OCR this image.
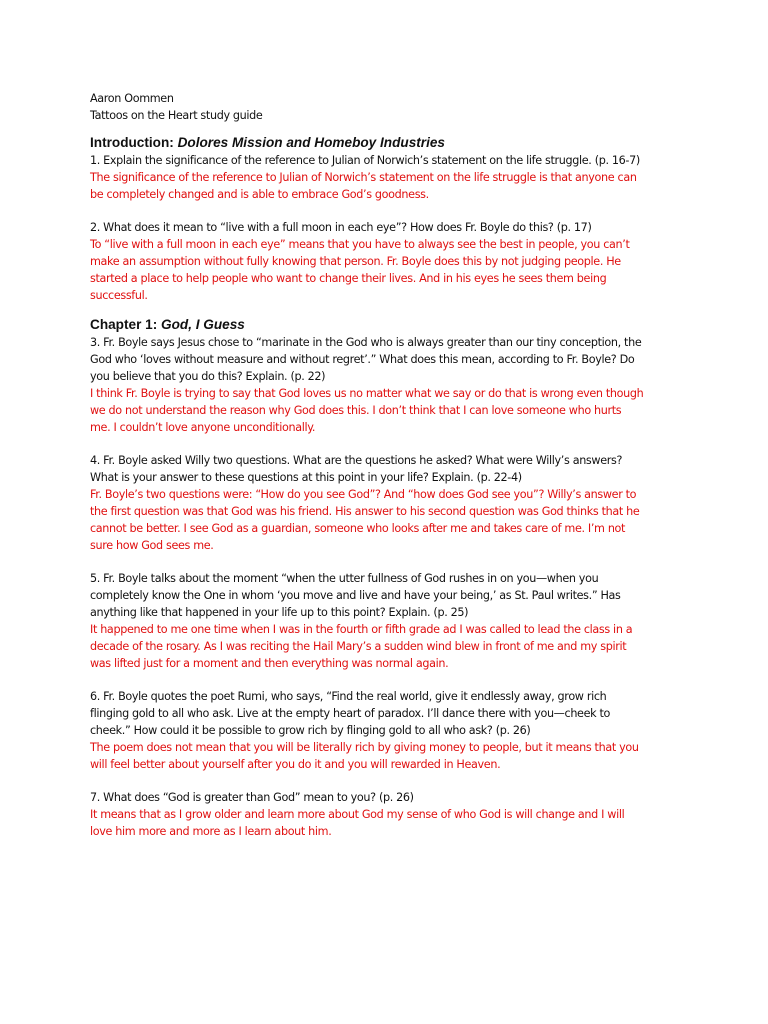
Aaron Oommen

Tattoos on the Heart study guide

Introduction: Dolores Mission and Homeboy Industries

1. Explain the significance of the reference to Julian of Norwich’s statement on the life struggle. (p. 16-7)

The significance of the reference to Julian of Norwich’s statement on the life struggle is that anyone can

be completely changed and is able to embrace God’s goodness.

2. What does it mean to “live with a full moon in each eye”? How does Fr. Boyle do this? (p. 17)

To “live with a full moon in each eye” means that you have to always see the best in people, you can’t

make an assumption without fully knowing that person. Fr. Boyle does this by not judging people. He

started a place to help people who want to change their lives. And in his eyes he sees them being

successful.

Chapter 1: God, I Guess

3. Fr. Boyle says Jesus chose to “marinate in the God who is always greater than our tiny conception, the

God who ‘loves without measure and without regret’.” What does this mean, according to Fr. Boyle? Do

you believe that you do this? Explain. (p. 22)

I think Fr. Boyle is trying to say that God loves us no matter what we say or do that is wrong even though

we do not understand the reason why God does this. I don’t think that I can love someone who hurts

me. I couldn’t love anyone unconditionally.

4. Fr. Boyle asked Willy two questions. What are the questions he asked? What were Willy’s answers?

What is your answer to these questions at this point in your life? Explain. (p. 22-4)

Fr. Boyle’s two questions were: “How do you see God”? And “how does God see you”? Willy’s answer to

the first question was that God was his friend. His answer to his second question was God thinks that he

cannot be better. I see God as a guardian, someone who looks after me and takes care of me. I’m not

sure how God sees me.

5. Fr. Boyle talks about the moment “when the utter fullness of God rushes in on you—when you

completely know the One in whom ‘you move and live and have your being,’ as St. Paul writes.” Has

anything like that happened in your life up to this point? Explain. (p. 25)

It happened to me one time when I was in the fourth or fifth grade ad I was called to lead the class in a

decade of the rosary. As I was reciting the Hail Mary’s a sudden wind blew in front of me and my spirit

was lifted just for a moment and then everything was normal again.

6. Fr. Boyle quotes the poet Rumi, who says, “Find the real world, give it endlessly away, grow rich

flinging gold to all who ask. Live at the empty heart of paradox. I’ll dance there with you—cheek to

cheek.” How could it be possible to grow rich by flinging gold to all who ask? (p. 26)

The poem does not mean that you will be literally rich by giving money to people, but it means that you

will feel better about yourself after you do it and you will rewarded in Heaven.

7. What does “God is greater than God” mean to you? (p. 26)

It means that as I grow older and learn more about God my sense of who God is will change and I will

love him more and more as I learn about him.
